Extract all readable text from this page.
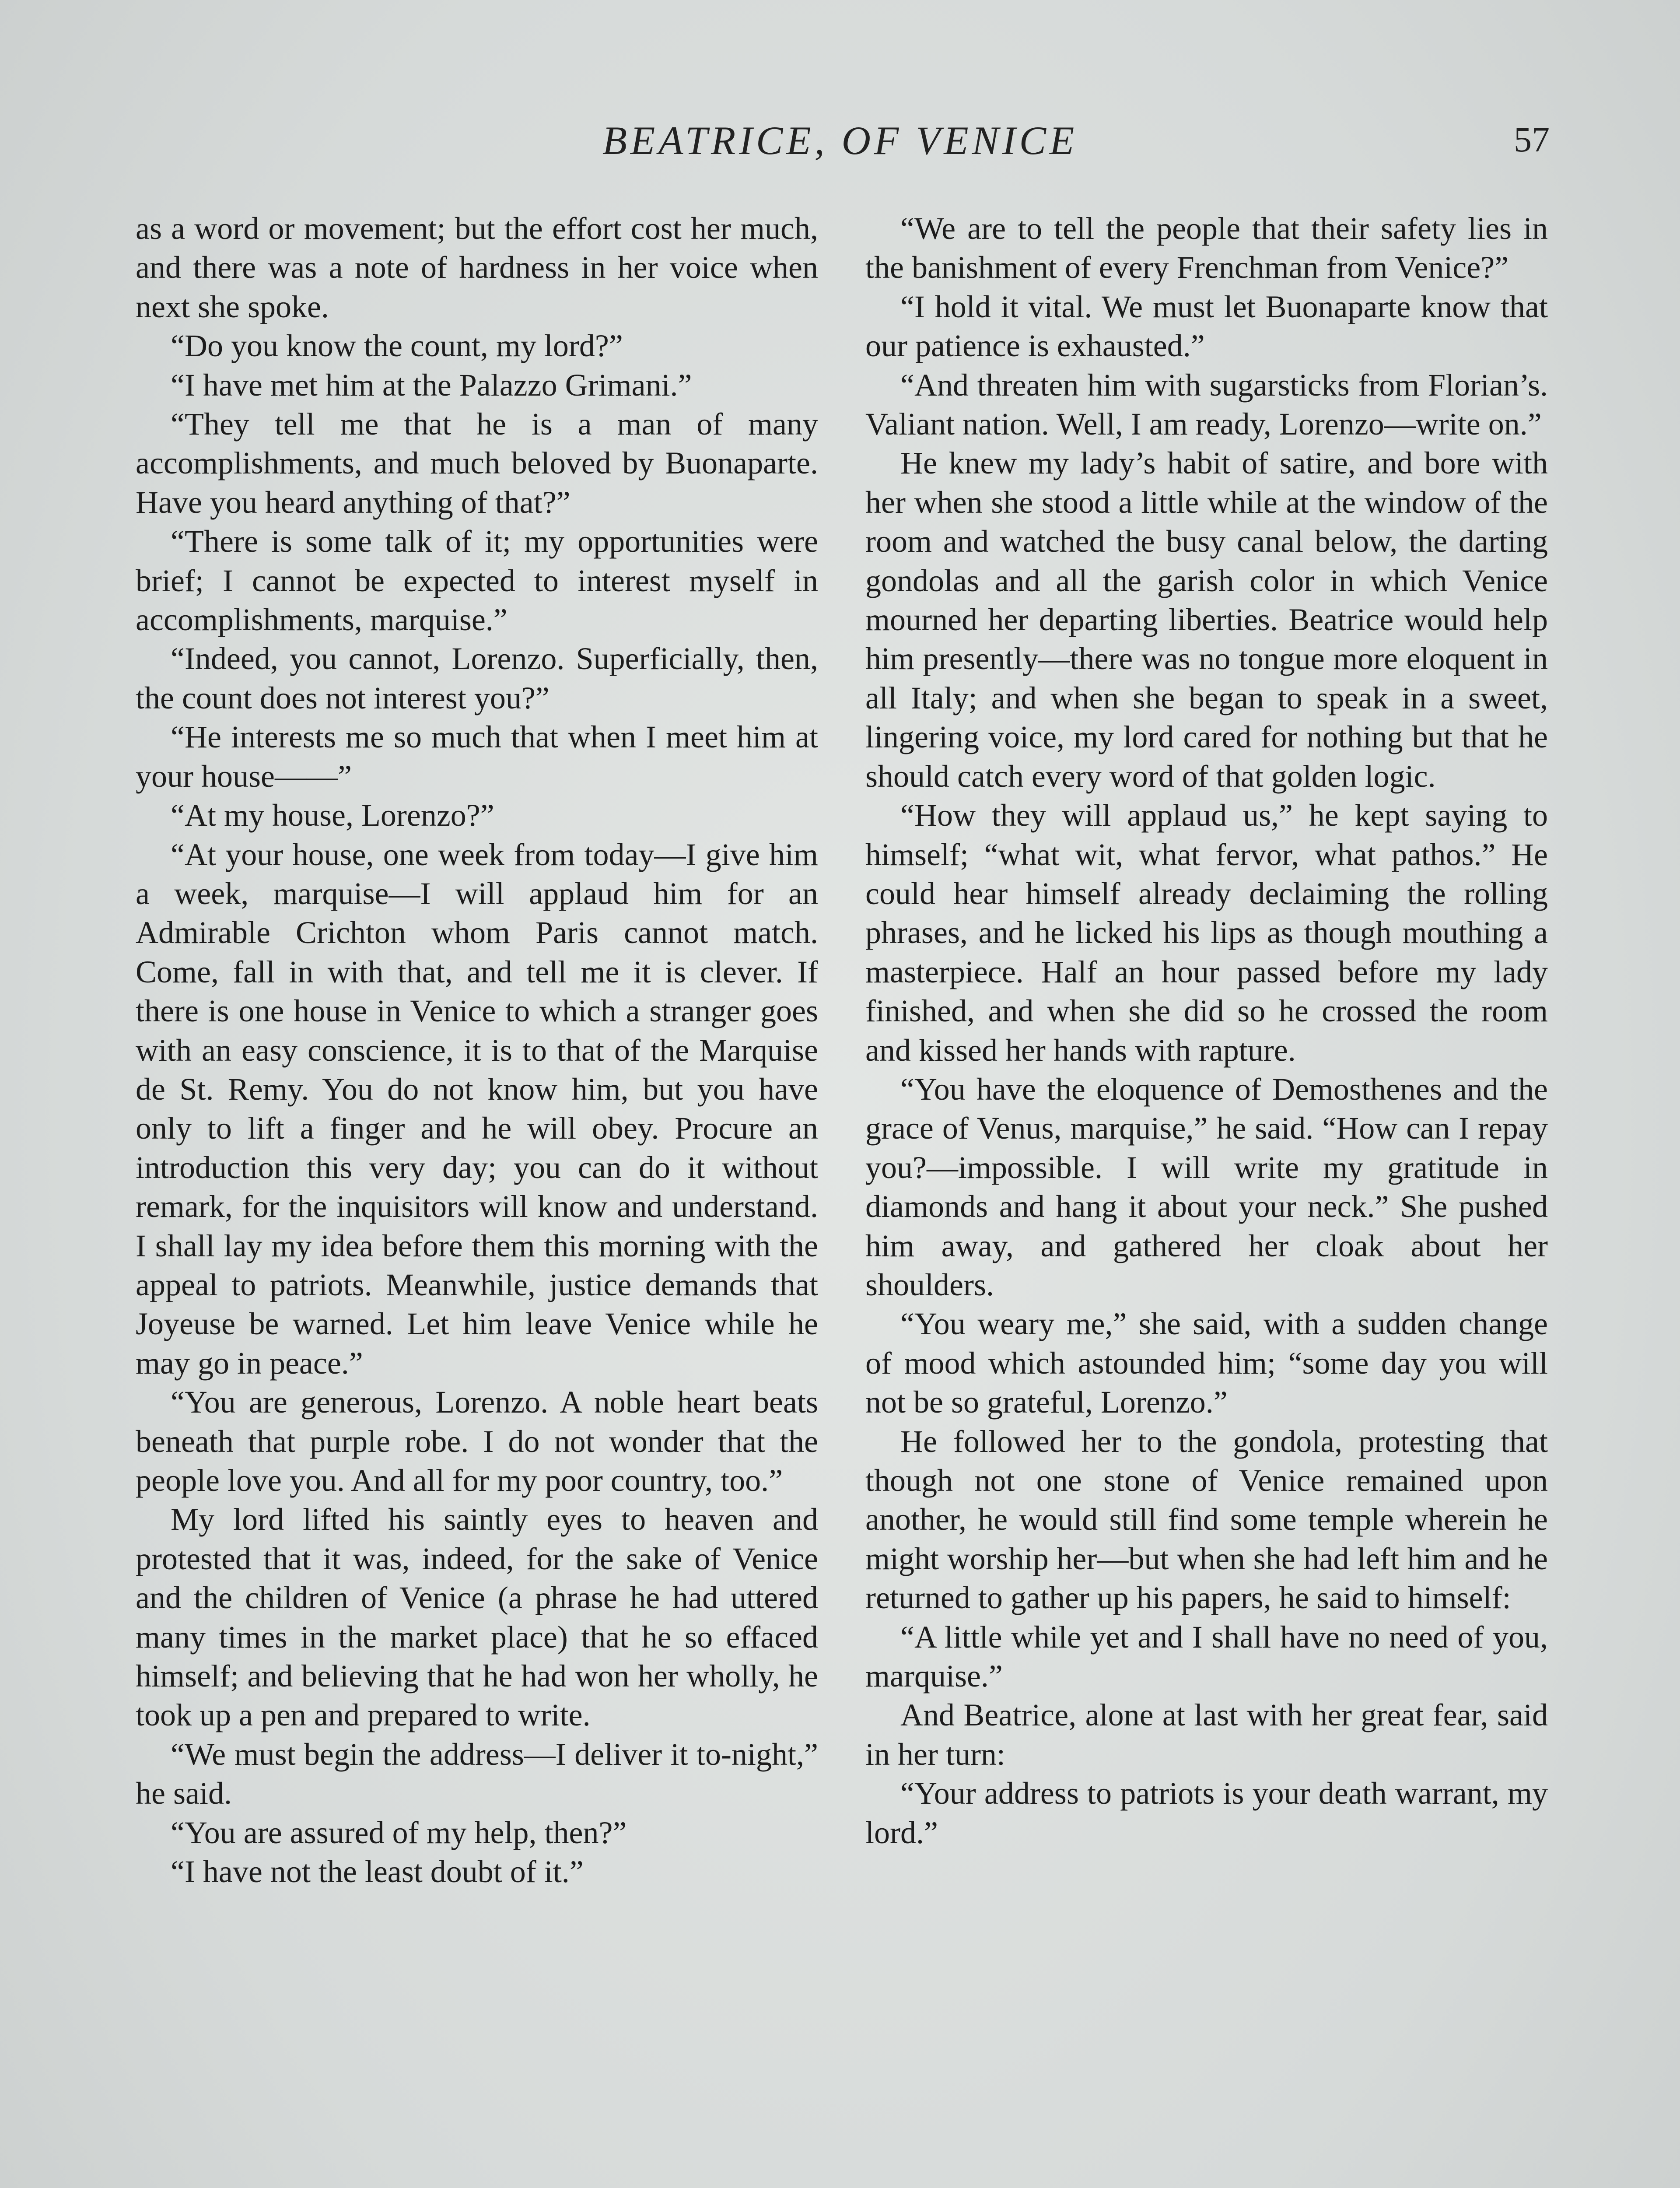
BEATRICE, OF VENICE	57

as a word or movement; but the effort cost her much, and there was a note of hardness in her voice when next she spoke.

“Do you know the count, my lord?”

“I have met him at the Palazzo Grimani.”

“They tell me that he is a man of many accomplishments, and much beloved by Buonaparte. Have you heard anything of that?”

“There is some talk of it; my opportunities were brief; I cannot be expected to interest myself in accomplishments, marquise.”

“Indeed, you cannot, Lorenzo. Superficially, then, the count does not interest you?”

“He interests me so much that when I meet him at your house——”

“At my house, Lorenzo?”

“At your house, one week from today—I give him a week, marquise—I will applaud him for an Admirable Crichton whom Paris cannot match. Come, fall in with that, and tell me it is clever. If there is one house in Venice to which a stranger goes with an easy conscience, it is to that of the Marquise de St. Remy. You do not know him, but you have only to lift a finger and he will obey. Procure an introduction this very day; you can do it without remark, for the inquisitors will know and understand. I shall lay my idea before them this morning with the appeal to patriots. Meanwhile, justice demands that Joyeuse be warned. Let him leave Venice while he may go in peace.”

“You are generous, Lorenzo. A noble heart beats beneath that purple robe. I do not wonder that the people love you. And all for my poor country, too.”

My lord lifted his saintly eyes to heaven and protested that it was, indeed, for the sake of Venice and the children of Venice (a phrase he had uttered many times in the market place) that he so effaced himself; and believing that he had won her wholly, he took up a pen and prepared to write.

“We must begin the address—I deliver it to-night,” he said.

“You are assured of my help, then?”

“I have not the least doubt of it.”

“We are to tell the people that their safety lies in the banishment of every Frenchman from Venice?”

“I hold it vital. We must let Buonaparte know that our patience is exhausted.”

“And threaten him with sugarsticks from Florian’s. Valiant nation. Well, I am ready, Lorenzo—write on.”

He knew my lady’s habit of satire, and bore with her when she stood a little while at the window of the room and watched the busy canal below, the darting gondolas and all the garish color in which Venice mourned her departing liberties. Beatrice would help him presently—there was no tongue more eloquent in all Italy; and when she began to speak in a sweet, lingering voice, my lord cared for nothing but that he should catch every word of that golden logic.

“How they will applaud us,” he kept saying to himself; “what wit, what fervor, what pathos.” He could hear himself already declaiming the rolling phrases, and he licked his lips as though mouthing a masterpiece. Half an hour passed before my lady finished, and when she did so he crossed the room and kissed her hands with rapture.

“You have the eloquence of Demosthenes and the grace of Venus, marquise,” he said. “How can I repay you?—impossible. I will write my gratitude in diamonds and hang it about your neck.” She pushed him away, and gathered her cloak about her shoulders.

“You weary me,” she said, with a sudden change of mood which astounded him; “some day you will not be so grateful, Lorenzo.”

He followed her to the gondola, protesting that though not one stone of Venice remained upon another, he would still find some temple wherein he might worship her—but when she had left him and he returned to gather up his papers, he said to himself:

“A little while yet and I shall have no need of you, marquise.”

And Beatrice, alone at last with her great fear, said in her turn:

“Your address to patriots is your death warrant, my lord.”
